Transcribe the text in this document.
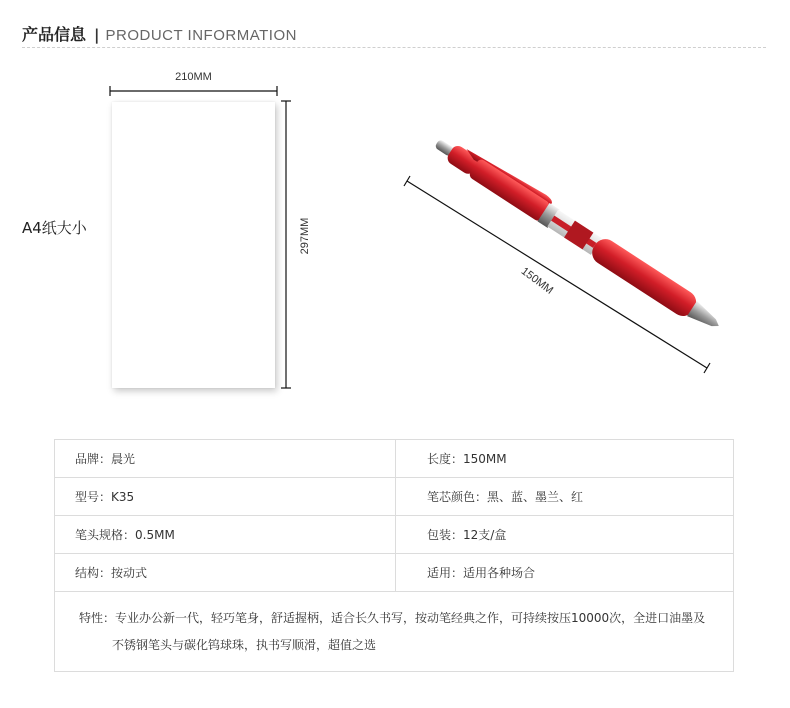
产品信息 | PRODUCT INFORMATION
A4纸大小
210MM
297MM
150MM
品牌：晨光	长度：150MM
型号：K35	笔芯颜色：黑、蓝、墨兰、红
笔头规格：0.5MM	包装：12支/盒
结构：按动式	适用：适用各种场合
特性：专业办公新一代，轻巧笔身，舒适握柄，适合长久书写，按动笔经典之作，可持续按压10000次，全进口油墨及
不锈钢笔头与碳化钨球珠，执书写顺滑，超值之选	
